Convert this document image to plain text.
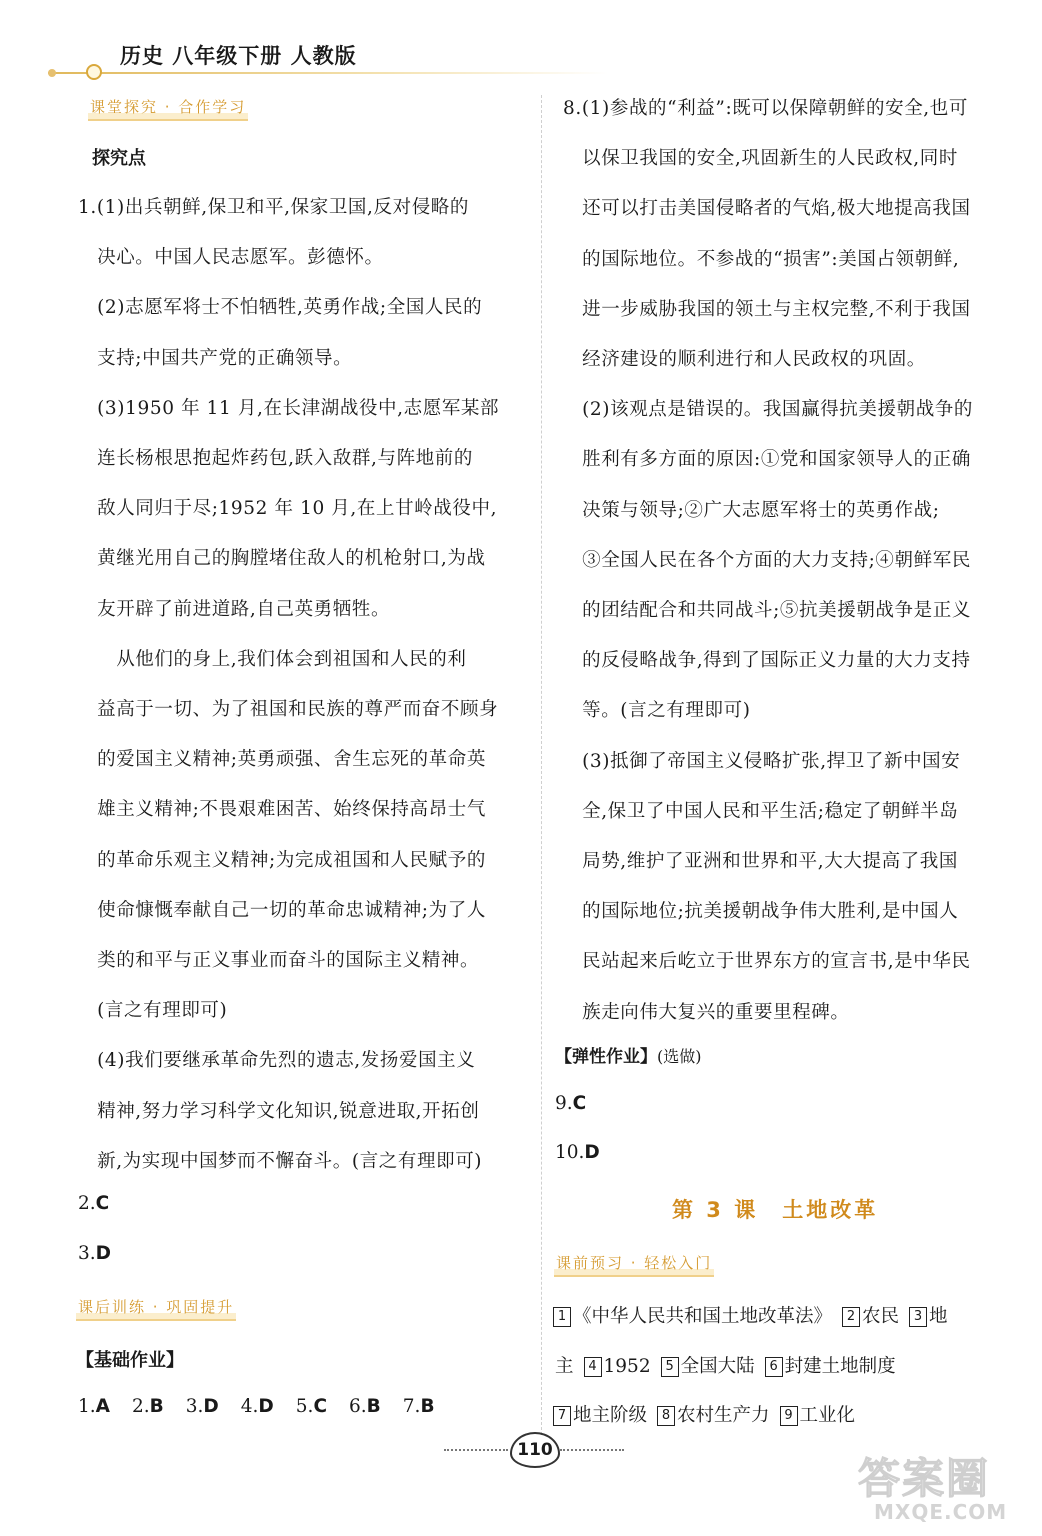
历史 八年级下册 人教版
课堂探究 · 合作学习
探究点
1.(1)出兵朝鲜,保卫和平,保家卫国,反对侵略的
　决心。中国人民志愿军。彭德怀。
　(2)志愿军将士不怕牺牲,英勇作战;全国人民的
　支持;中国共产党的正确领导。
　(3)1950 年 11 月,在长津湖战役中,志愿军某部
　连长杨根思抱起炸药包,跃入敌群,与阵地前的
　敌人同归于尽;1952 年 10 月,在上甘岭战役中,
　黄继光用自己的胸膛堵住敌人的机枪射口,为战
　友开辟了前进道路,自己英勇牺牲。
　　从他们的身上,我们体会到祖国和人民的利
　益高于一切、为了祖国和民族的尊严而奋不顾身
　的爱国主义精神;英勇顽强、舍生忘死的革命英
　雄主义精神;不畏艰难困苦、始终保持高昂士气
　的革命乐观主义精神;为完成祖国和人民赋予的
　使命慷慨奉献自己一切的革命忠诚精神;为了人
　类的和平与正义事业而奋斗的国际主义精神。
　(言之有理即可)
　(4)我们要继承革命先烈的遗志,发扬爱国主义
　精神,努力学习科学文化知识,锐意进取,开拓创
　新,为实现中国梦而不懈奋斗。(言之有理即可)
2.C
3.D
课后训练 · 巩固提升
【基础作业】
1.A 2.B 3.D 4.D 5.C 6.B 7.B
8.(1)参战的“利益”:既可以保障朝鲜的安全,也可
　以保卫我国的安全,巩固新生的人民政权,同时
　还可以打击美国侵略者的气焰,极大地提高我国
　的国际地位。不参战的“损害”:美国占领朝鲜,
　进一步威胁我国的领土与主权完整,不利于我国
　经济建设的顺利进行和人民政权的巩固。
　(2)该观点是错误的。我国赢得抗美援朝战争的
　胜利有多方面的原因:①党和国家领导人的正确
　决策与领导;②广大志愿军将士的英勇作战;
　③全国人民在各个方面的大力支持;④朝鲜军民
　的团结配合和共同战斗;⑤抗美援朝战争是正义
　的反侵略战争,得到了国际正义力量的大力支持
　等。(言之有理即可)
　(3)抵御了帝国主义侵略扩张,捍卫了新中国安
　全,保卫了中国人民和平生活;稳定了朝鲜半岛
　局势,维护了亚洲和世界和平,大大提高了我国
　的国际地位;抗美援朝战争伟大胜利,是中国人
　民站起来后屹立于世界东方的宣言书,是中华民
　族走向伟大复兴的重要里程碑。
【弹性作业】(选做)
9.C
10.D
第 3 课　土地改革
课前预习 · 轻松入门
1 《中华人民共和国土地改革法》 2 农民 3 地
主 4 1952 5 全国大陆 6 封建土地制度
7 地主阶级 8 农村生产力 9 工业化
110
答案圈
MXQE.COM
